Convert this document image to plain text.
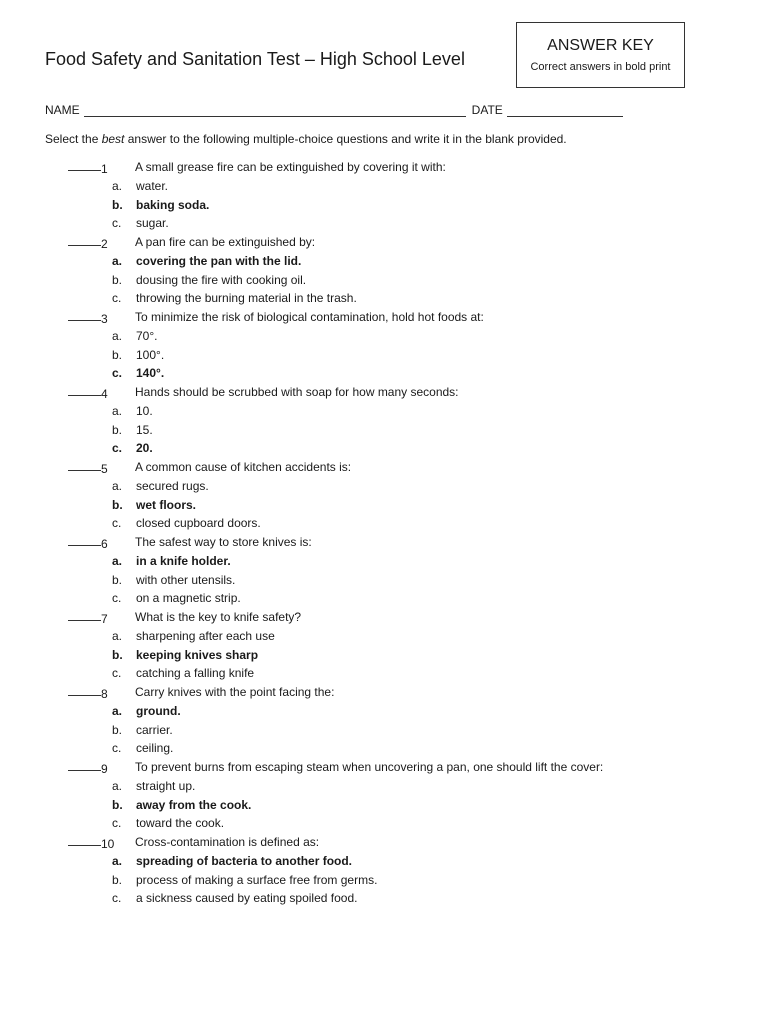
Food Safety and Sanitation Test – High School Level
ANSWER KEY
Correct answers in bold print
NAME	DATE
Select the best answer to the following multiple-choice questions and write it in the blank provided.
1 A small grease fire can be extinguished by covering it with:
a. water.
b. baking soda.
c. sugar.
2 A pan fire can be extinguished by:
a. covering the pan with the lid.
b. dousing the fire with cooking oil.
c. throwing the burning material in the trash.
3 To minimize the risk of biological contamination, hold hot foods at:
a. 70°.
b. 100°.
c. 140°.
4 Hands should be scrubbed with soap for how many seconds:
a. 10.
b. 15.
c. 20.
5 A common cause of kitchen accidents is:
a. secured rugs.
b. wet floors.
c. closed cupboard doors.
6 The safest way to store knives is:
a. in a knife holder.
b. with other utensils.
c. on a magnetic strip.
7 What is the key to knife safety?
a. sharpening after each use
b. keeping knives sharp
c. catching a falling knife
8 Carry knives with the point facing the:
a. ground.
b. carrier.
c. ceiling.
9 To prevent burns from escaping steam when uncovering a pan, one should lift the cover:
a. straight up.
b. away from the cook.
c. toward the cook.
10 Cross-contamination is defined as:
a. spreading of bacteria to another food.
b. process of making a surface free from germs.
c. a sickness caused by eating spoiled food.
